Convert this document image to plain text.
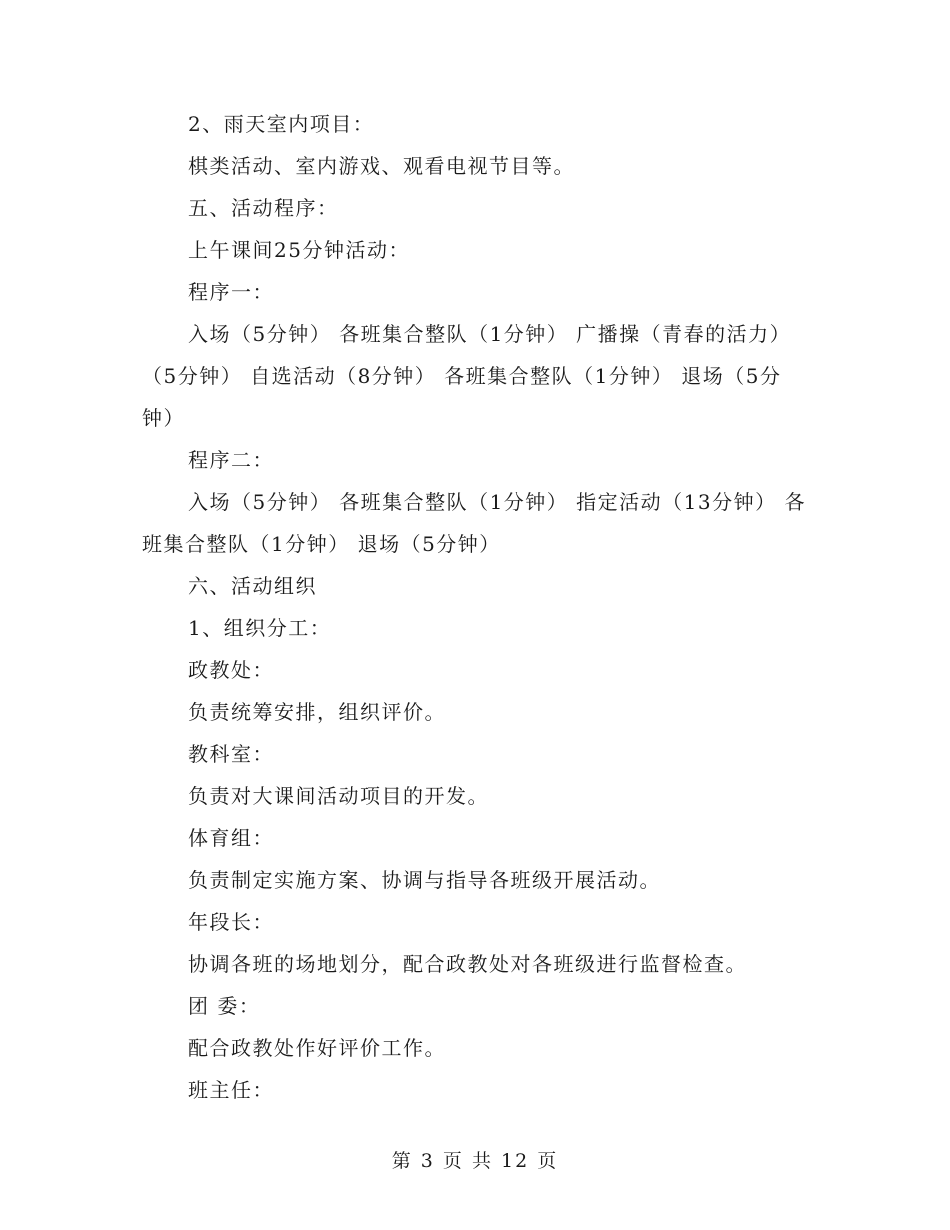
2、雨天室内项目：

棋类活动、室内游戏、观看电视节目等。

五、活动程序：

上午课间25分钟活动：

程序一：

入场（5分钟） 各班集合整队（1分钟） 广播操（青春的活力）（5分钟） 自选活动（8分钟） 各班集合整队（1分钟） 退场（5分钟）

程序二：

入场（5分钟） 各班集合整队（1分钟） 指定活动（13分钟） 各班集合整队（1分钟） 退场（5分钟）

六、活动组织

1、组织分工：

政教处：

负责统筹安排，组织评价。

教科室：

负责对大课间活动项目的开发。

体育组：

负责制定实施方案、协调与指导各班级开展活动。

年段长：

协调各班的场地划分，配合政教处对各班级进行监督检查。

团 委：

配合政教处作好评价工作。

班主任：

第 3 页 共 12 页
